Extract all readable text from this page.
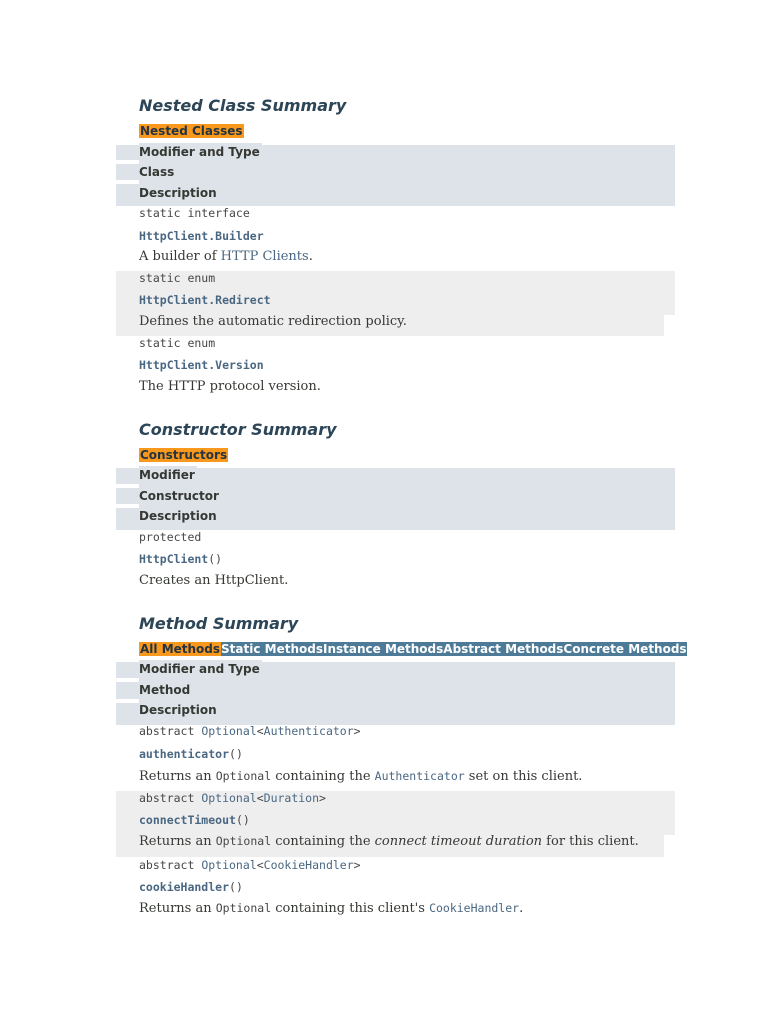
Nested Class Summary
Nested Classes
Modifier and Type
Class
Description
static interface
HttpClient.Builder
A builder of HTTP Clients.
static enum
HttpClient.Redirect
Defines the automatic redirection policy.
static enum
HttpClient.Version
The HTTP protocol version.
Constructor Summary
Constructors
Modifier
Constructor
Description
protected
HttpClient()
Creates an HttpClient.
Method Summary
All MethodsStatic MethodsInstance MethodsAbstract MethodsConcrete Methods
Modifier and Type
Method
Description
abstract Optional<Authenticator>
authenticator()
Returns an Optional containing the Authenticator set on this client.
abstract Optional<Duration>
connectTimeout()
Returns an Optional containing the connect timeout duration for this client.
abstract Optional<CookieHandler>
cookieHandler()
Returns an Optional containing this client's CookieHandler.
